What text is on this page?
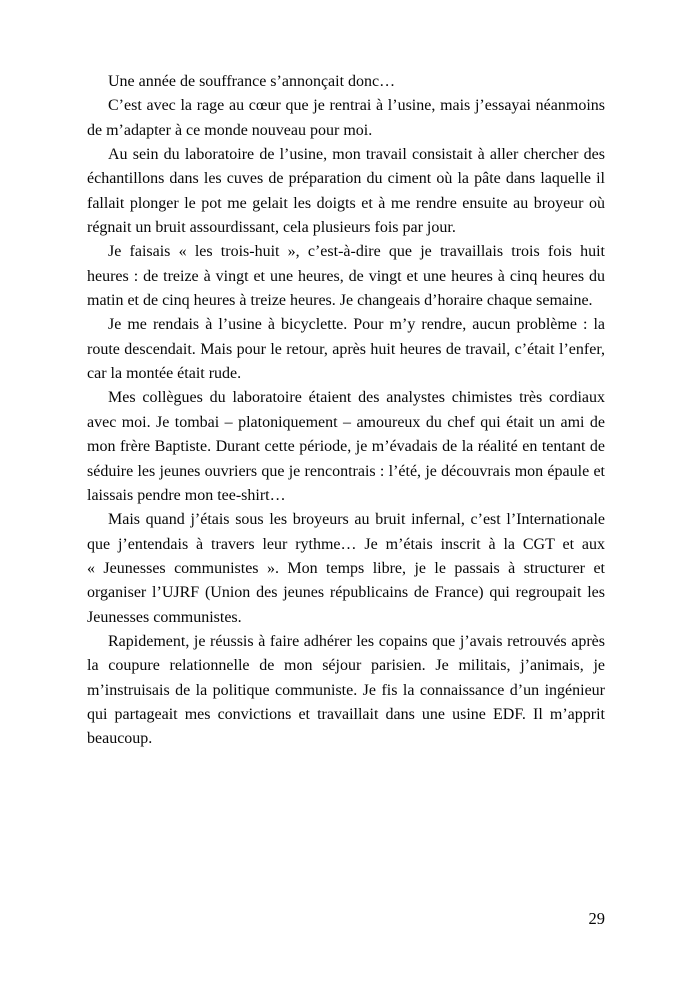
Une année de souffrance s’annonçait donc…

C’est avec la rage au cœur que je rentrai à l’usine, mais j’essayai néanmoins de m’adapter à ce monde nouveau pour moi.

Au sein du laboratoire de l’usine, mon travail consistait à aller chercher des échantillons dans les cuves de préparation du ciment où la pâte dans laquelle il fallait plonger le pot me gelait les doigts et à me rendre ensuite au broyeur où régnait un bruit assourdissant, cela plusieurs fois par jour.

Je faisais « les trois-huit », c’est-à-dire que je travaillais trois fois huit heures : de treize à vingt et une heures, de vingt et une heures à cinq heures du matin et de cinq heures à treize heures. Je changeais d’horaire chaque semaine.

Je me rendais à l’usine à bicyclette. Pour m’y rendre, aucun problème : la route descendait. Mais pour le retour, après huit heures de travail, c’était l’enfer, car la montée était rude.

Mes collègues du laboratoire étaient des analystes chimistes très cordiaux avec moi. Je tombai – platoniquement – amoureux du chef qui était un ami de mon frère Baptiste. Durant cette période, je m’évadais de la réalité en tentant de séduire les jeunes ouvriers que je rencontrais : l’été, je découvrais mon épaule et laissais pendre mon tee-shirt…

Mais quand j’étais sous les broyeurs au bruit infernal, c’est l’Internationale que j’entendais à travers leur rythme… Je m’étais inscrit à la CGT et aux « Jeunesses communistes ». Mon temps libre, je le passais à structurer et organiser l’UJRF (Union des jeunes républicains de France) qui regroupait les Jeunesses communistes.

Rapidement, je réussis à faire adhérer les copains que j’avais retrouvés après la coupure relationnelle de mon séjour parisien. Je militais, j’animais, je m’instruisais de la politique communiste. Je fis la connaissance d’un ingénieur qui partageait mes convictions et travaillait dans une usine EDF. Il m’apprit beaucoup.

29
